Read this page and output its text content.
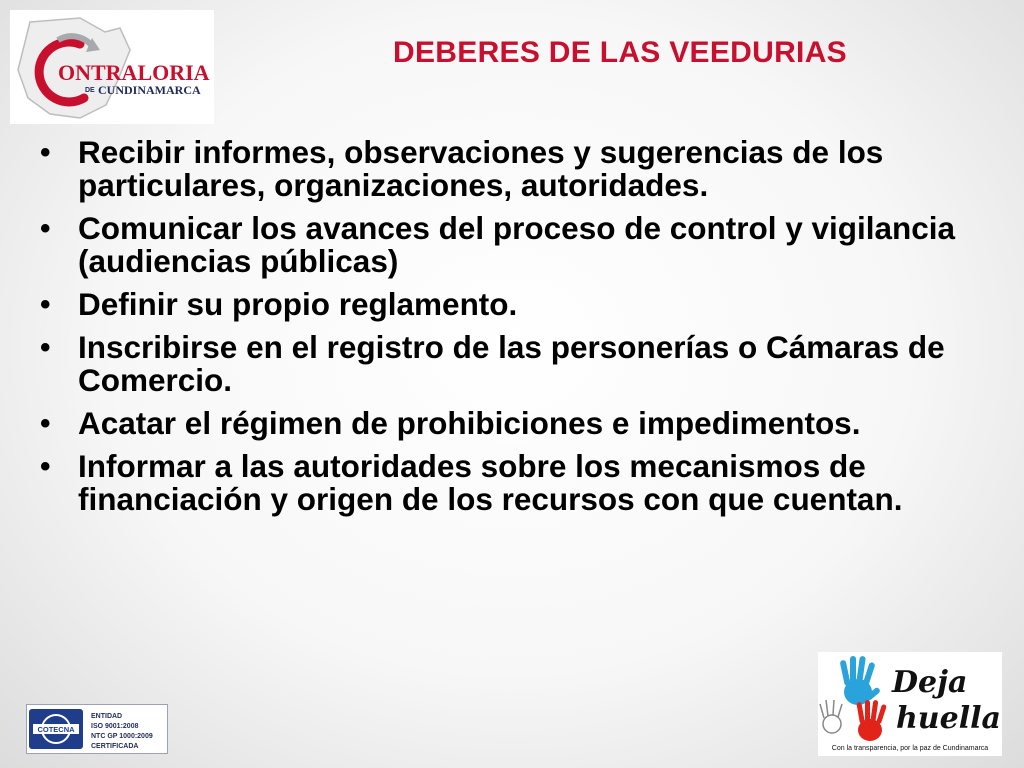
ONTRALORIA
DE CUNDINAMARCA
DEBERES DE LAS VEEDURIAS
• Recibir informes, observaciones y sugerencias de los particulares, organizaciones, autoridades.
• Comunicar los avances del proceso de control y vigilancia (audiencias públicas)
• Definir su propio reglamento.
• Inscribirse en el registro de las personerías o Cámaras de Comercio.
• Acatar el régimen de prohibiciones e impedimentos.
• Informar a las autoridades sobre los mecanismos de financiación y origen de los recursos con que cuentan.
COTECNA
ENTIDAD
ISO 9001:2008
NTC GP 1000:2009
CERTIFICADA
Deja
huella
Con la transparencia, por la paz de Cundinamarca
